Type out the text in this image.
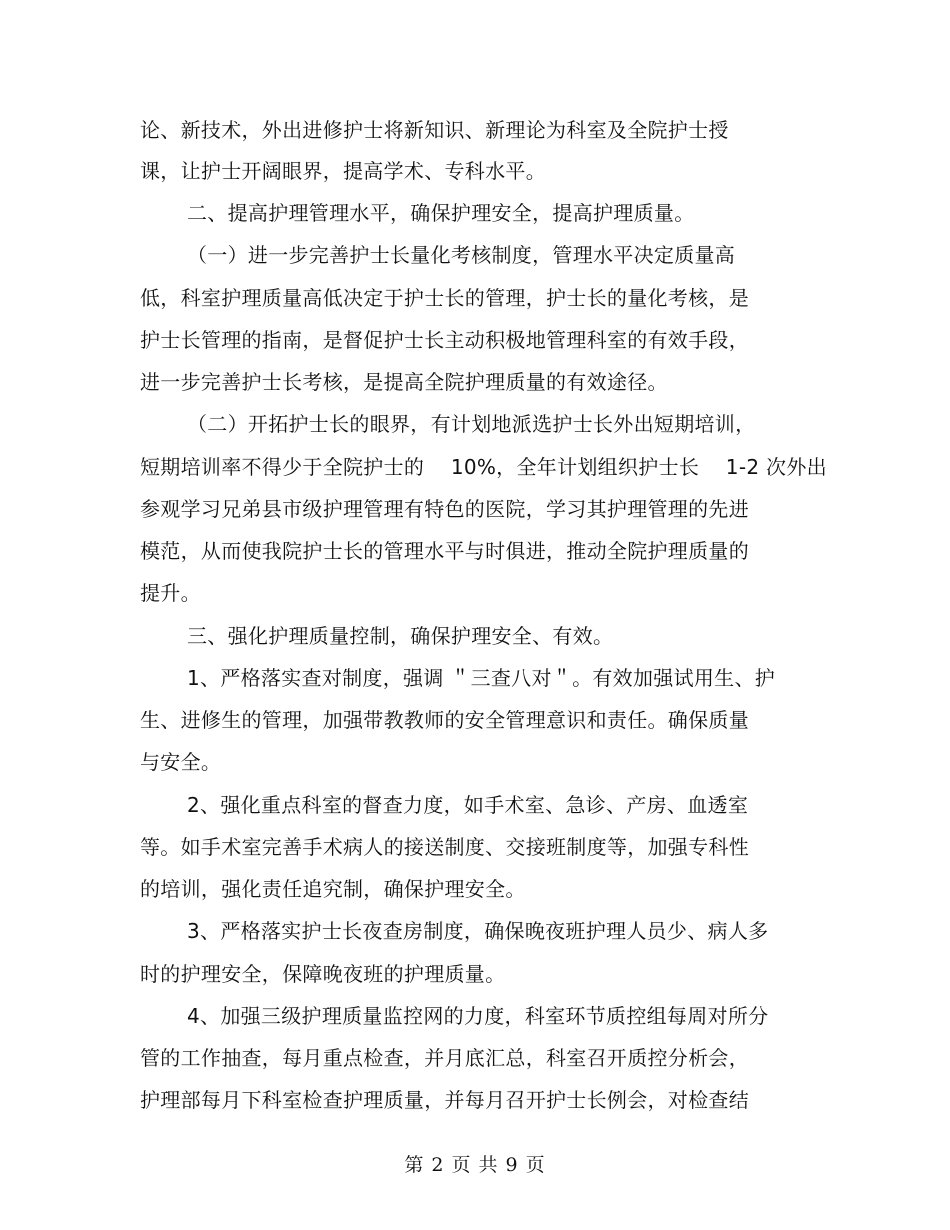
论、新技术，外出进修护士将新知识、新理论为科室及全院护士授
课，让护士开阔眼界，提高学术、专科水平。
二、提高护理管理水平，确保护理安全，提高护理质量。
（一）进一步完善护士长量化考核制度，管理水平决定质量高
低，科室护理质量高低决定于护士长的管理，护士长的量化考核，是
护士长管理的指南，是督促护士长主动积极地管理科室的有效手段，
进一步完善护士长考核，是提高全院护理质量的有效途径。
（二）开拓护士长的眼界，有计划地派选护士长外出短期培训，
短期培训率不得少于全院护士的    10%，全年计划组织护士长    1-2 次外出
参观学习兄弟县市级护理管理有特色的医院，学习其护理管理的先进
模范，从而使我院护士长的管理水平与时俱进，推动全院护理质量的
提升。
三、强化护理质量控制，确保护理安全、有效。
1、严格落实查对制度，强调 ＂三查八对＂。有效加强试用生、护
生、进修生的管理，加强带教教师的安全管理意识和责任。确保质量
与安全。
2、强化重点科室的督查力度，如手术室、急诊、产房、血透室
等。如手术室完善手术病人的接送制度、交接班制度等，加强专科性
的培训，强化责任追究制，确保护理安全。
3、严格落实护士长夜查房制度，确保晚夜班护理人员少、病人多
时的护理安全，保障晚夜班的护理质量。
4、加强三级护理质量监控网的力度，科室环节质控组每周对所分
管的工作抽查，每月重点检查，并月底汇总，科室召开质控分析会，
护理部每月下科室检查护理质量，并每月召开护士长例会，对检查结
第 2 页 共 9 页
